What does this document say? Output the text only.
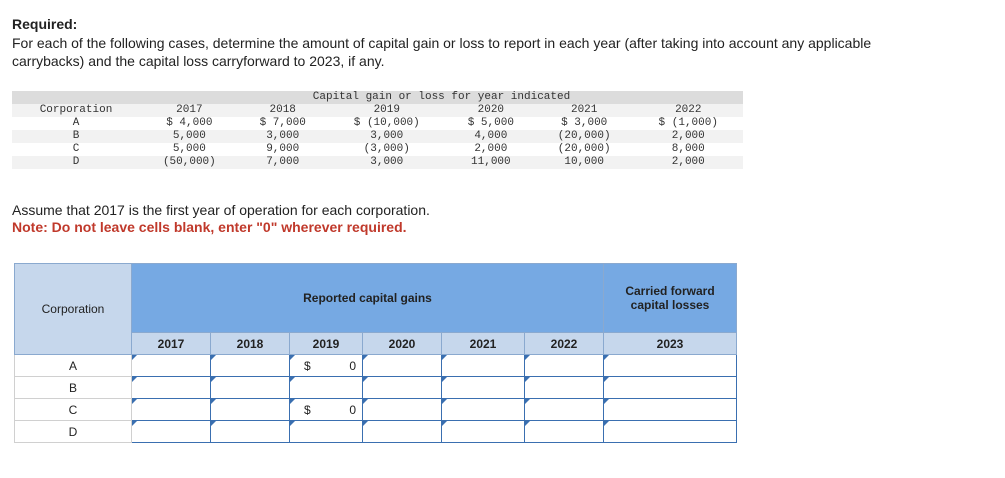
Required:
For each of the following cases, determine the amount of capital gain or loss to report in each year (after taking into account any applicable carrybacks) and the capital loss carryforward to 2023, if any.
	Capital gain or loss for year indicated					
Corporation	2017	2018	2019	2020	2021	2022
A	$ 4,000	$ 7,000	$ (10,000)	$ 5,000	$ 3,000	$ (1,000)
B	5,000	3,000	3,000	4,000	(20,000)	2,000
C	5,000	9,000	(3,000)	2,000	(20,000)	8,000
D	(50,000)	7,000	3,000	11,000	10,000	2,000
Assume that 2017 is the first year of operation for each corporation.
Note: Do not leave cells blank, enter "0" wherever required.
Corporation	Reported capital gains						Carried forward capital losses
	2017	2018	2019	2020	2021	2022	2023
A			$ 0				

B							
C			$ 0				

D							
